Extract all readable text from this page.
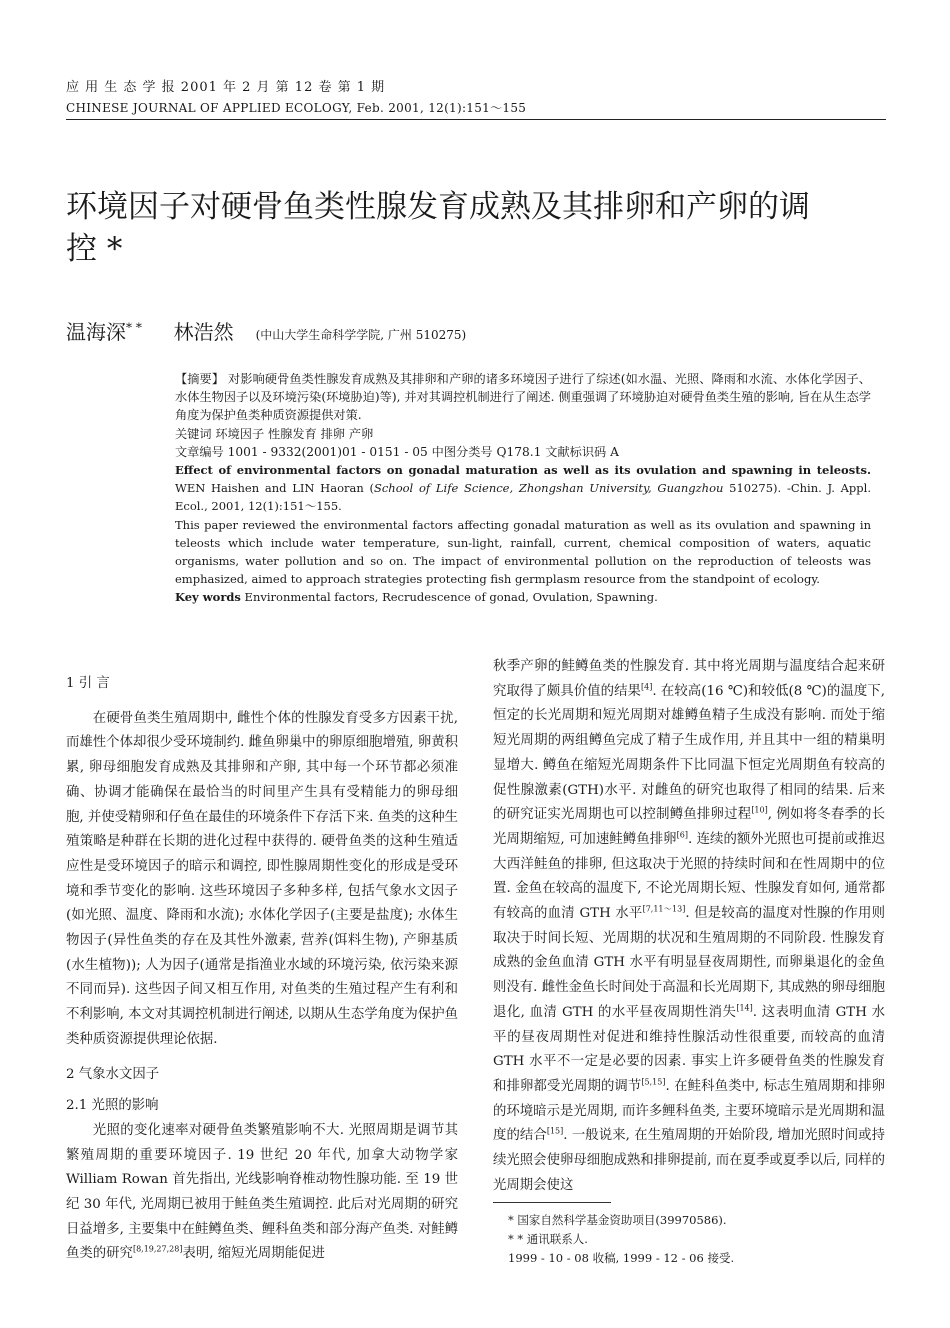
应 用 生 态 学 报 2001 年 2 月 第 12 卷 第 1 期
CHINESE JOURNAL OF APPLIED ECOLOGY, Feb. 2001, 12(1):151～155
环境因子对硬骨鱼类性腺发育成熟及其排卵和产卵的调控 *
温海深* * 林浩然 (中山大学生命科学学院, 广州 510275)

【摘要】 对影响硬骨鱼类性腺发育成熟及其排卵和产卵的诸多环境因子进行了综述(如水温、光照、降雨和水流、水体化学因子、水体生物因子以及环境污染(环境胁迫)等), 并对其调控机制进行了阐述. 侧重强调了环境胁迫对硬骨鱼类生殖的影响, 旨在从生态学角度为保护鱼类种质资源提供对策.

关键词 环境因子 性腺发育 排卵 产卵

文章编号 1001 - 9332(2001)01 - 0151 - 05 中图分类号 Q178.1 文献标识码 A

Effect of environmental factors on gonadal maturation as well as its ovulation and spawning in teleosts. WEN Haishen and LIN Haoran (School of Life Science, Zhongshan University, Guangzhou 510275). -Chin. J. Appl. Ecol., 2001, 12(1):151～155.

This paper reviewed the environmental factors affecting gonadal maturation as well as its ovulation and spawning in teleosts which include water temperature, sun-light, rainfall, current, chemical composition of waters, aquatic organisms, water pollution and so on. The impact of environmental pollution on the reproduction of teleosts was emphasized, aimed to approach strategies protecting fish germplasm resource from the standpoint of ecology.

Key words Environmental factors, Recrudescence of gonad, Ovulation, Spawning.

1 引 言

在硬骨鱼类生殖周期中, 雌性个体的性腺发育受多方因素干扰, 而雄性个体却很少受环境制约. 雌鱼卵巢中的卵原细胞增殖, 卵黄积累, 卵母细胞发育成熟及其排卵和产卵, 其中每一个环节都必须准确、协调才能确保在最恰当的时间里产生具有受精能力的卵母细胞, 并使受精卵和仔鱼在最佳的环境条件下存活下来. 鱼类的这种生殖策略是种群在长期的进化过程中获得的. 硬骨鱼类的这种生殖适应性是受环境因子的暗示和调控, 即性腺周期性变化的形成是受环境和季节变化的影响. 这些环境因子多种多样, 包括气象水文因子(如光照、温度、降雨和水流); 水体化学因子(主要是盐度); 水体生物因子(异性鱼类的存在及其性外激素, 营养(饵料生物), 产卵基质(水生植物)); 人为因子(通常是指渔业水域的环境污染, 依污染来源不同而异). 这些因子间又相互作用, 对鱼类的生殖过程产生有利和不利影响, 本文对其调控机制进行阐述, 以期从生态学角度为保护鱼类种质资源提供理论依据.

2 气象水文因子
2.1 光照的影响

光照的变化速率对硬骨鱼类繁殖影响不大. 光照周期是调节其繁殖周期的重要环境因子. 19 世纪 20 年代, 加拿大动物学家 William Rowan 首先指出, 光线影响脊椎动物性腺功能. 至 19 世纪 30 年代, 光周期已被用于鲑鱼类生殖调控. 此后对光周期的研究日益增多, 主要集中在鲑鳟鱼类、鲤科鱼类和部分海产鱼类. 对鲑鳟鱼类的研究[8,19,27,28]表明, 缩短光周期能促进

秋季产卵的鲑鳟鱼类的性腺发育. 其中将光周期与温度结合起来研究取得了颇具价值的结果[4]. 在较高(16 ℃)和较低(8 ℃)的温度下, 恒定的长光周期和短光周期对雄鳟鱼精子生成没有影响. 而处于缩短光周期的两组鳟鱼完成了精子生成作用, 并且其中一组的精巢明显增大. 鳟鱼在缩短光周期条件下比同温下恒定光周期鱼有较高的促性腺激素(GTH)水平. 对雌鱼的研究也取得了相同的结果. 后来的研究证实光周期也可以控制鳟鱼排卵过程[10], 例如将冬春季的长光周期缩短, 可加速鲑鳟鱼排卵[6]. 连续的额外光照也可提前或推迟大西洋鲑鱼的排卵, 但这取决于光照的持续时间和在性周期中的位置. 金鱼在较高的温度下, 不论光周期长短、性腺发育如何, 通常都有较高的血清 GTH 水平[7,11～13]. 但是较高的温度对性腺的作用则取决于时间长短、光周期的状况和生殖周期的不同阶段. 性腺发育成熟的金鱼血清 GTH 水平有明显昼夜周期性, 而卵巢退化的金鱼则没有. 雌性金鱼长时间处于高温和长光周期下, 其成熟的卵母细胞退化, 血清 GTH 的水平昼夜周期性消失[14]. 这表明血清 GTH 水平的昼夜周期性对促进和维持性腺活动性很重要, 而较高的血清 GTH 水平不一定是必要的因素. 事实上许多硬骨鱼类的性腺发育和排卵都受光周期的调节[5,15]. 在鲑科鱼类中, 标志生殖周期和排卵的环境暗示是光周期, 而许多鲤科鱼类, 主要环境暗示是光周期和温度的结合[15]. 一般说来, 在生殖周期的开始阶段, 增加光照时间或持续光照会使卵母细胞成熟和排卵提前, 而在夏季或夏季以后, 同样的光周期会使这

* 国家自然科学基金资助项目(39970586).
* * 通讯联系人.
1999 - 10 - 08 收稿, 1999 - 12 - 06 接受.
